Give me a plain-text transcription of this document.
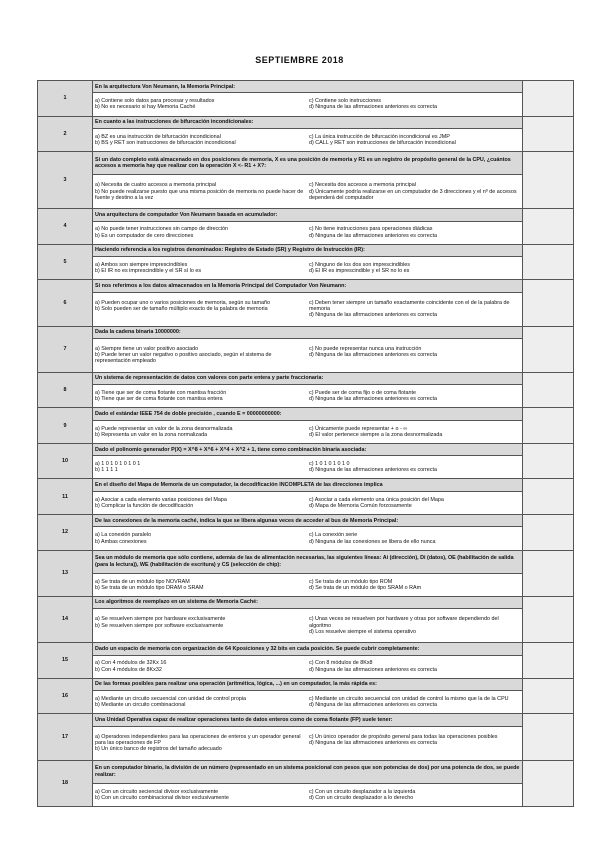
SEPTIEMBRE 2018
1	En la arquitectura Von Neumann, la Memoria Principal:	

	a) Contiene solo datos para procesar y resultados
b) No es necesario si hay Memoria Caché
c) Contiene solo instrucciones
d) Ninguna de las afirmaciones anteriores es correcta	

2	En cuanto a las instrucciones de bifurcación incondicionales:	

	a) BZ es una instrucción de bifurcación incondicional
b) BS y RET son instrucciones de bifurcación incondicional
c) La única instrucción de bifurcación incondicional es JMP
d) CALL y RET son instrucciones de bifurcación incondicional	

3	Si un dato completo está almacenado en dos posiciones de memoria, X es una posición de memoria y R1 es un registro de propósito general de la CPU, ¿cuántos accesos a memoria hay que realizar con la operación X <- R1 + X?:	

	a) Necesita de cuatro accesos a memoria principal
b) No puede realizarse puesto que una misma posición de memoria no puede hacer de fuente y destino a la vez
c) Necesita dos accesos a memoria principal
d) Únicamente podría realizarse en un computador de 3 direcciones y el nº de accesos dependerá del computador	

4	Una arquitectura de computador Von Neumann basada en acumulador:	

	a) No puede tener instrucciones sin campo de dirección
b) Es un computador de cero direcciones
c) No tiene instrucciones para operaciones diádicas
d) Ninguna de las afirmaciones anteriores es correcta	

5	Haciendo referencia a los registros denominados: Registro de Estado (SR) y Registro de Instrucción (IR):	

	a) Ambos son siempre imprescindibles
b) El IR no es imprescindible y el SR sí lo es
c) Ninguno de los dos son imprescindibles
d) El IR es imprescindible y el SR no lo es	

6	Si nos referimos a los datos almacenados en la Memoria Principal del Computador Von Neumann:	

	a) Pueden ocupar uno o varios posiciones de memoria, según su tamaño
b) Solo pueden ser de tamaño múltiplo exacto de la palabra de memoria
c) Deben tener siempre un tamaño exactamente coincidente con el de la palabra de memoria
d) Ninguna de las afirmaciones anteriores es correcta	

7	Dada la cadena binaria 10000000:	

	a) Siempre tiene un valor positivo asociado
b) Puede tener un valor negativo o positivo asociado, según el sistema de representación empleado
c) No puede representar nunca una instrucción
d) Ninguna de las afirmaciones anteriores es correcta	

8	Un sistema de representación de datos con valores con parte entera y parte fraccionaria:	

	a) Tiene que ser de coma flotante con mantisa fracción
b) Tiene que ser de coma flotante con mantisa entera
c) Puede ser de coma fijo o de coma flotante
d) Ninguna de las afirmaciones anteriores es correcta	

9	Dado el estándar IEEE 754 de doble precisión , cuando E = 00000000000:	

	a) Puede representar un valor de la zona desnormalizada
b) Representa un valor en la zona normalizada
c) Únicamente puede representar + o - ∞
d) El valor pertenece siempre a la zona desnormalizada	

10	Dado el polinomio generador P(X) = X^8 + X^6 + X^4 + X^2 + 1, tiene como combinación binaria asociada:	

	a) 1 0 1 0 1 0 1 0 1
b) 1 1 1 1
c) 1 0 1 0 1 0 1 0
d) Ninguna de las afirmaciones anteriores es correcta	

11	En el diseño del Mapa de Memoria de un computador, la decodificación INCOMPLETA de las direcciones implica	

	a) Asociar a cada elemento varias posiciones del Mapa
b) Complicar la función de decodificación
c) Asociar a cada elemento una única posición del Mapa
d) Mapa de Memoria Común forzosamente	

12	De las conexiones de la memoria caché, indica la que se libera algunas veces de acceder al bus de Memoria Principal:	

	a) La conexión paralelo
b) Ambas conexiones
c) La conexión serie
d) Ninguna de las conexiones se libera de ello nunca	

13	Sea un módulo de memoria que sólo contiene, además de las de alimentación necesarias, las siguientes líneas: Ai (dirección), Di (datos), OE (habilitación de salida (para la lectura)), WE (habilitación de escritura) y CS (selección de chip):	

	a) Se trata de un módulo tipo NOVRAM
b) Se trata de un módulo tipo DRAM o SRAM
c) Se trata de un módulo tipo ROM
d) Se trata de un módulo de tipo SRAM o RAm	

14	Los algoritmos de reemplazo en un sistema de Memoria Caché:	

	a) Se resuelven siempre por hardware exclusivamente
b) Se resuelven siempre por software exclusivamente
c) Unas veces se resuelven por hardware y otras por software dependiendo del algoritmo
d) Los resuelve siempre el sistema operativo	

15	Dado un espacio de memoria con organización de 64 Kposiciones y 32 bits en cada posición. Se puede cubrir completamente:	

	a) Con 4 módulos de 32Kx 16
b) Con 4 módulos de 8Kx32
c) Con 8 módulos de 8Kx8
d) Ninguna de las afirmaciones anteriores es correcta	

16	De las formas posibles para realizar una operación (aritmética, lógica, ...) en un computador, la más rápida es:	

	a) Mediante un circuito secuencial con unidad de control propia
b) Mediante un circuito combinacional
c) Mediante un circuito secuencial con unidad de control la mismo que la de la CPU
d) Ninguna de las afirmaciones anteriores es correcta	

17	Una Unidad Operativa capaz de realizar operaciones tanto de datos enteros como de coma flotante (FP) suele tener:	

	a) Operadores independientes para las operaciones de enteros y un operador general para las operaciones de FP
b) Un único banco de registros del tamaño adecuado
c) Un único operador de propósito general para todas las operaciones posibles
d) Ninguna de las afirmaciones anteriores es correcta	

18	En un computador binario, la división de un número (representado en un sistema posicional con pesos que son potencias de dos) por una potencia de dos, se puede realizar:	

	a) Con un circuito seciencial divisor exclusivamente
b) Con un circuito combinacional divisor exclusivamente
c) Con un circuito desplazador a la izquierda
d) Con un circuito desplazador a lo derecho	
